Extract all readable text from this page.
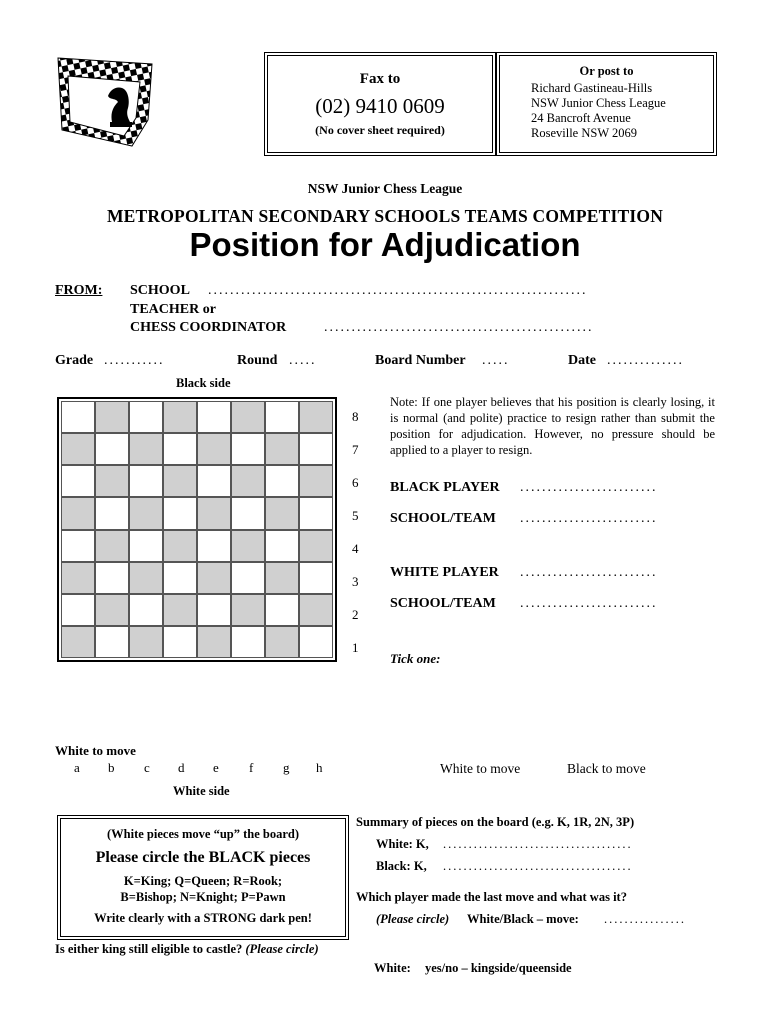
Fax to
(02) 9410 0609
(No cover sheet required)
Or post to
Richard Gastineau-Hills
NSW Junior Chess League
24 Bancroft Avenue
Roseville NSW 2069
NSW Junior Chess League
METROPOLITAN SECONDARY SCHOOLS TEAMS COMPETITION
Position for Adjudication
FROM: SCHOOL .....................................................................
TEACHER or
CHESS COORDINATOR	.................................................
Grade ...........	Round .....	Board Number .....	Date ..............
Black side
8
7
6
5
4
3
2
1
a b c d e f g h
White to move
White side
Note: If one player believes that his position is clearly losing, it is normal (and polite) practice to resign rather than submit the position for adjudication. However, no pressure should be applied to a player to resign.
BLACK PLAYER .........................
SCHOOL/TEAM .........................
WHITE PLAYER .........................
SCHOOL/TEAM .........................
Tick one:
White to move	Black to move
(White pieces move “up” the board)
Please circle the BLACK pieces
K=King; Q=Queen; R=Rook;
B=Bishop; N=Knight; P=Pawn
Write clearly with a STRONG dark pen!
Summary of pieces on the board (e.g. K, 1R, 2N, 3P)
White: K, .....................................
Black: K, .....................................
Which player made the last move and what was it?
(Please circle) White/Black – move: ................
Is either king still eligible to castle? (Please circle)
White: yes/no – kingside/queenside
